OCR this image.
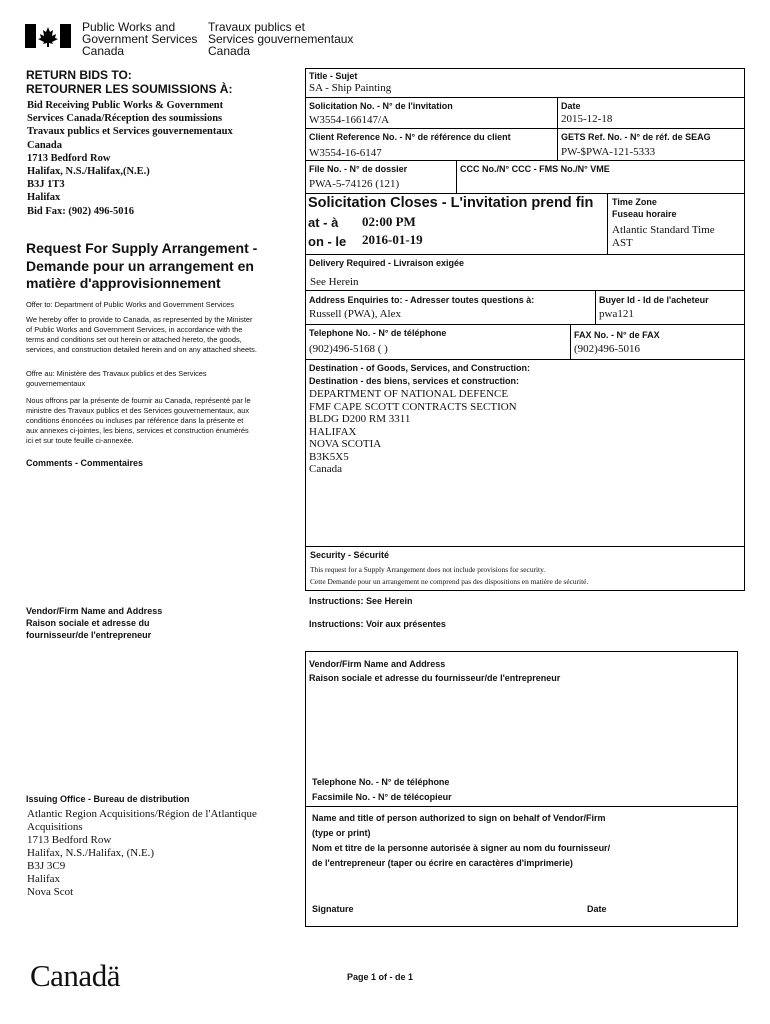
Public Works and
Government Services
Canada
Travaux publics et
Services gouvernementaux
Canada
RETURN BIDS TO:
RETOURNER LES SOUMISSIONS À:
Bid Receiving Public Works & Government
Services Canada/Réception des soumissions
Travaux publics et Services gouvernementaux
Canada
1713 Bedford Row
Halifax, N.S./Halifax,(N.E.)
B3J 1T3
Halifax
Bid Fax: (902) 496-5016
Request For Supply Arrangement -
Demande pour un arrangement en
matière d'approvisionnement
Offer to: Department of Public Works and Government Services
We hereby offer to provide to Canada, as represented by the Minister
of Public Works and Government Services, in accordance with the
terms and conditions set out herein or attached hereto, the goods,
services, and construction detailed herein and on any attached sheets.
Offre au: Ministère des Travaux publics et des Services
gouvernementaux
Nous offrons par la présente de fournir au Canada, représenté par le
ministre des Travaux publics et des Services gouvernementaux, aux
conditions énoncées ou incluses par référence dans la présente et
aux annexes ci-jointes, les biens, services et construction énumérés
ici et sur toute feuille ci-annexée.
Comments - Commentaires
Vendor/Firm Name and Address
Raison sociale et adresse du
fournisseur/de l'entrepreneur
Issuing Office - Bureau de distribution
Atlantic Region Acquisitions/Région de l'Atlantique
Acquisitions
1713 Bedford Row
Halifax, N.S./Halifax, (N.E.)
B3J 3C9
Halifax
Nova Scot
Title - Sujet
SA - Ship Painting
Solicitation No. - N° de l'invitation
W3554-166147/A
Date
2015-12-18
Client Reference No. - N° de référence du client
W3554-16-6147
GETS Ref. No. - N° de réf. de SEAG
PW-$PWA-121-5333
File No. - N° de dossier
PWA-5-74126 (121)
CCC No./N° CCC - FMS No./N° VME
Solicitation Closes - L'invitation prend fin
at - à 02:00 PM
on - le 2016-01-19
Time Zone
Fuseau horaire
Atlantic Standard Time
AST
Delivery Required - Livraison exigée
See Herein
Address Enquiries to: - Adresser toutes questions à:
Russell (PWA), Alex
Buyer Id - Id de l'acheteur
pwa121
Telephone No. - N° de téléphone
(902)496-5168 ( )
FAX No. - N° de FAX
(902)496-5016
Destination - of Goods, Services, and Construction:
Destination - des biens, services et construction:
DEPARTMENT OF NATIONAL DEFENCE
FMF CAPE SCOTT CONTRACTS SECTION
BLDG D200 RM 3311
HALIFAX
NOVA SCOTIA
B3K5X5
Canada
Security - Sécurité
This request for a Supply Arrangement does not include provisions for security.
Cette Demande pour un arrangement ne comprend pas des dispositions en matière de sécurité.
Instructions: See Herein
Instructions: Voir aux présentes
Vendor/Firm Name and Address
Raison sociale et adresse du fournisseur/de l'entrepreneur
Telephone No. - N° de téléphone
Facsimile No. - N° de télécopieur
Name and title of person authorized to sign on behalf of Vendor/Firm
(type or print)
Nom et titre de la personne autorisée à signer au nom du fournisseur/
de l'entrepreneur (taper ou écrire en caractères d'imprimerie)
Signature	Date
Canadä	Page 1 of - de 1
